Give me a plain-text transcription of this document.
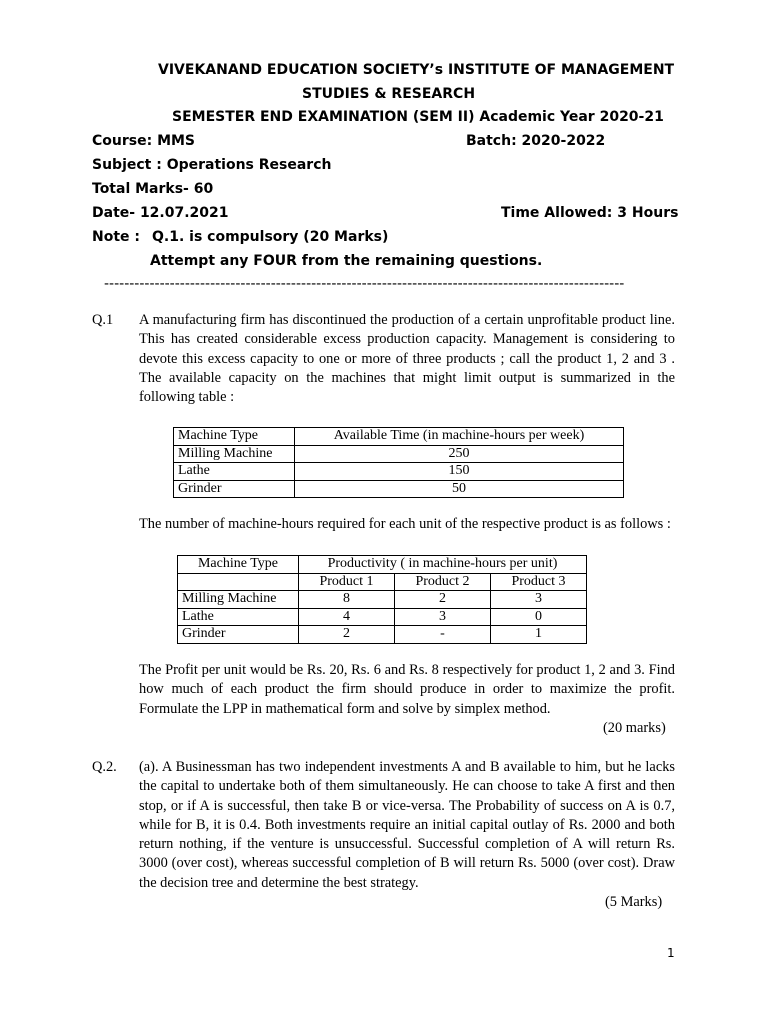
VIVEKANAND EDUCATION SOCIETY’s INSTITUTE OF MANAGEMENT
STUDIES & RESEARCH
SEMESTER END EXAMINATION (SEM II) Academic Year 2020-21
Course: MMS	Batch: 2020-2022
Subject : Operations Research
Total Marks- 60
Date- 12.07.2021	Time Allowed: 3 Hours
Note : Q.1. is compulsory (20 Marks)
Attempt any FOUR from the remaining questions.
-------------------------------------------------------------------------------------------------------
Q.1 A manufacturing firm has discontinued the production of a certain unprofitable product line. This has created considerable excess production capacity. Management is considering to devote this excess capacity to one or more of three products ; call the product 1, 2 and 3 . The available capacity on the machines that might limit output is summarized in the following table :
Machine Type	Available Time (in machine-hours per week)
Milling Machine	250
Lathe	150
Grinder	50
The number of machine-hours required for each unit of the respective product is as follows :
Machine Type	Productivity ( in machine-hours per unit)		
	Product 1	Product 2	Product 3
Milling Machine	8	2	3
Lathe	4	3	0
Grinder	2	-	1
The Profit per unit would be Rs. 20, Rs. 6 and Rs. 8 respectively for product 1, 2 and 3. Find how much of each product the firm should produce in order to maximize the profit. Formulate the LPP in mathematical form and solve by simplex method.
(20 marks)
Q.2. (a). A Businessman has two independent investments A and B available to him, but he lacks the capital to undertake both of them simultaneously. He can choose to take A first and then stop, or if A is successful, then take B or vice-versa. The Probability of success on A is 0.7, while for B, it is 0.4. Both investments require an initial capital outlay of Rs. 2000 and both return nothing, if the venture is unsuccessful. Successful completion of A will return Rs. 3000 (over cost), whereas successful completion of B will return Rs. 5000 (over cost). Draw the decision tree and determine the best strategy.
(5 Marks)
1
